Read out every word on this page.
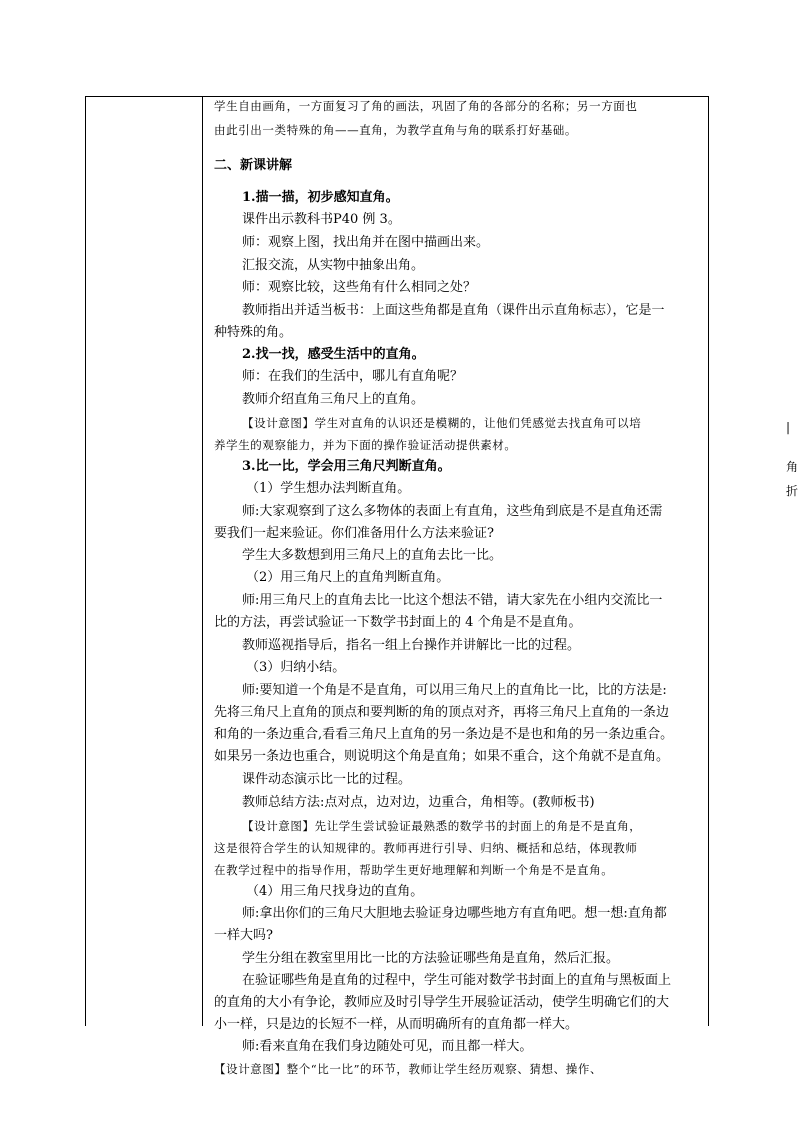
学生自由画角，一方面复习了角的画法，巩固了角的各部分的名称；另一方面也
由此引出一类特殊的角——直角，为教学直角与角的联系打好基础。
二、新课讲解
1.描一描，初步感知直角。
课件出示教科书P40 例 3。
师：观察上图，找出角并在图中描画出来。
汇报交流，从实物中抽象出角。
师：观察比较，这些角有什么相同之处？
教师指出并适当板书：上面这些角都是直角（课件出示直角标志），它是一
种特殊的角。
2.找一找，感受生活中的直角。
师：在我们的生活中，哪儿有直角呢？
教师介绍直角三角尺上的直角。
【设计意图】学生对直角的认识还是模糊的，让他们凭感觉去找直角可以培
养学生的观察能力，并为下面的操作验证活动提供素材。
3.比一比，学会用三角尺判断直角。
（1）学生想办法判断直角。
师:大家观察到了这么多物体的表面上有直角，这些角到底是不是直角还需
要我们一起来验证。你们准备用什么方法来验证?
学生大多数想到用三角尺上的直角去比一比。
（2）用三角尺上的直角判断直角。
师:用三角尺上的直角去比一比这个想法不错，请大家先在小组内交流比一
比的方法，再尝试验证一下数学书封面上的 4 个角是不是直角。
教师巡视指导后，指名一组上台操作并讲解比一比的过程。
（3）归纳小结。
师:要知道一个角是不是直角，可以用三角尺上的直角比一比，比的方法是:
先将三角尺上直角的顶点和要判断的角的顶点对齐，再将三角尺上直角的一条边
和角的一条边重合,看看三角尺上直角的另一条边是不是也和角的另一条边重合。
如果另一条边也重合，则说明这个角是直角；如果不重合，这个角就不是直角。
课件动态演示比一比的过程。
教师总结方法:点对点，边对边，边重合，角相等。(教师板书)
【设计意图】先让学生尝试验证最熟悉的数学书的封面上的角是不是直角，
这是很符合学生的认知规律的。教师再进行引导、归纳、概括和总结，体现教师
在教学过程中的指导作用，帮助学生更好地理解和判断一个角是不是直角。
（4）用三角尺找身边的直角。
师:拿出你们的三角尺大胆地去验证身边哪些地方有直角吧。想一想:直角都
一样大吗?
学生分组在教室里用比一比的方法验证哪些角是直角，然后汇报。
在验证哪些角是直角的过程中，学生可能对数学书封面上的直角与黑板面上
的直角的大小有争论，教师应及时引导学生开展验证活动，使学生明确它们的大
小一样，只是边的长短不一样，从而明确所有的直角都一样大。
师:看来直角在我们身边随处可见，而且都一样大。
【设计意图】整个“比一比”的环节，教师让学生经历观察、猜想、操作、
|
角
折
